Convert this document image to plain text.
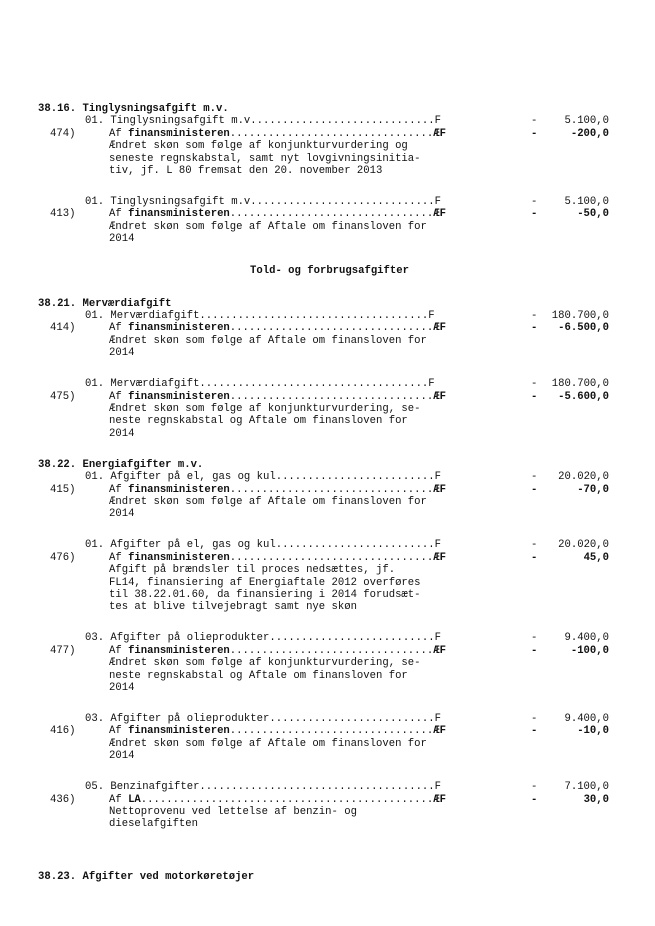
38.16. Tinglysningsafgift m.v.
01. Tinglysningsafgift m.v.............................F	-	5.100,0
474)	Af finansministeren................................ÆF	-	-200,0
Ændret skøn som følge af konjunkturvurdering og
seneste regnskabstal, samt nyt lovgivningsinitia-
tiv, jf. L 80 fremsat den 20. november 2013
01. Tinglysningsafgift m.v.............................F	-	5.100,0
413)	Af finansministeren................................ÆF	-	-50,0
Ændret skøn som følge af Aftale om finansloven for
2014
Told- og forbrugsafgifter
38.21. Merværdiafgift
01. Merværdiafgift....................................F	-	180.700,0
414)	Af finansministeren................................ÆF	-	-6.500,0
Ændret skøn som følge af Aftale om finansloven for
2014
01. Merværdiafgift....................................F	-	180.700,0
475)	Af finansministeren................................ÆF	-	-5.600,0
Ændret skøn som følge af konjunkturvurdering, se-
neste regnskabstal og Aftale om finansloven for
2014
38.22. Energiafgifter m.v.
01. Afgifter på el, gas og kul.........................F	-	20.020,0
415)	Af finansministeren................................ÆF	-	-70,0
Ændret skøn som følge af Aftale om finansloven for
2014
01. Afgifter på el, gas og kul.........................F	-	20.020,0
476)	Af finansministeren................................ÆF	-	45,0
Afgift på brændsler til proces nedsættes, jf.
FL14, finansiering af Energiaftale 2012 overføres
til 38.22.01.60, da finansiering i 2014 forudsæt-
tes at blive tilvejebragt samt nye skøn
03. Afgifter på olieprodukter..........................F	-	9.400,0
477)	Af finansministeren................................ÆF	-	-100,0
Ændret skøn som følge af konjunkturvurdering, se-
neste regnskabstal og Aftale om finansloven for
2014
03. Afgifter på olieprodukter..........................F	-	9.400,0
416)	Af finansministeren................................ÆF	-	-10,0
Ændret skøn som følge af Aftale om finansloven for
2014
05. Benzinafgifter.....................................F	-	7.100,0
436)	Af LA..............................................ÆF	-	30,0
Nettoprovenu ved lettelse af benzin- og
dieselafgiften
38.23. Afgifter ved motorkøretøjer
